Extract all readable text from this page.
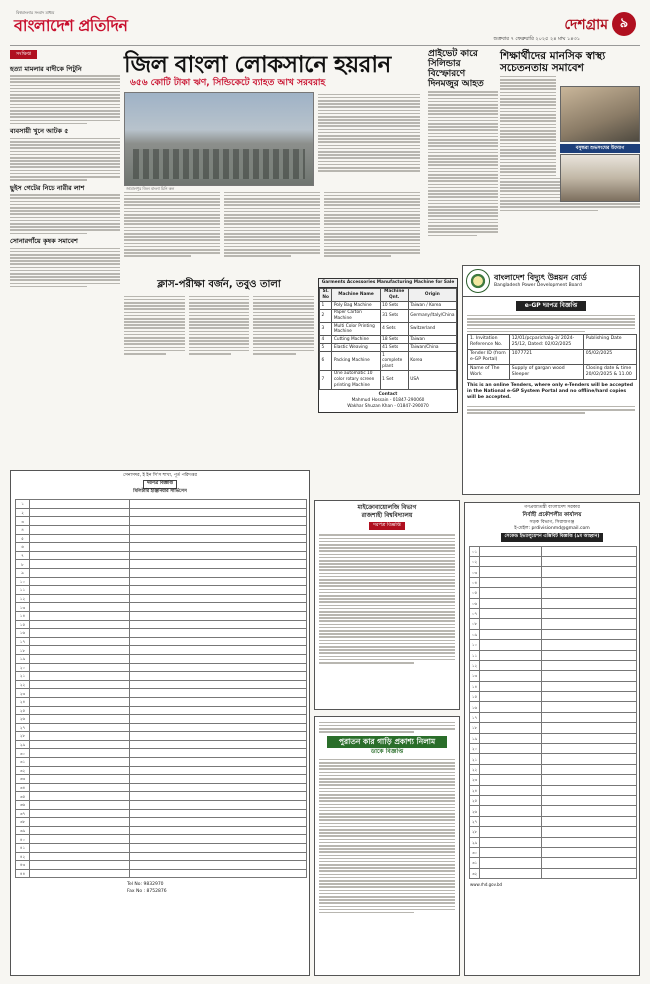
বিশ্ববাংলার সংবাদ মাধ্যম
বাংলাদেশ প্রতিদিন
শুক্রবার ৭ ফেব্রুয়ারি ২০২৫ ২৪ মাঘ ১৪৩১
দেশগ্রাম ৯
সংক্ষিপ্ত
হত্যা মামলার বাদীকে পিটুনি
ব্যবসায়ী খুনে আটক ৫
ছুইস গেটের নিচে নারীর লাশ
সোনারগাঁয়ে কৃষক সমাবেশ
জিল বাংলা লোকসানে হয়রান
৬৫৬ কোটি টাকা ঋণ, সিন্ডিকেটে ব্যাহত আখ সরবরাহ
জামালপুর জিল বাংলা চিনি কল
প্রাইভেট কারে সিলিন্ডার বিস্ফোরণে দিনমজুর আহত
শিক্ষার্থীদের মানসিক স্বাস্থ্য সচেতনতায় সমাবেশ
বসুন্ধরা শুভসংঘের উদ্যোগ
ক্লাস-পরীক্ষা বর্জন, তবুও তালা	Garments Accessories Manufacturing Machine for Sale
Sl. No	Machine Name	Machine Qnt.	Origin
1	Poly Bag Machine	10 Sets	Taiwan / Korea
2	Paper Carton Machine	31 Sets	Germany/Italy/China
3	Multi Color Printing Machine	4 Sets	Switzerland
4	Cutting Machine	18 Sets	Taiwan
5	Elastic Weaving	41 Sets	Taiwan/China
6	Packing Machine	1 complete plant	Korea
7	One automatic 10 color rotary screen printing Machine	1 Set	USA
Contact
Mahmud Hossain - 01847-290060
Wakhar Shuzan Khan - 01847-290070
বাংলাদেশ বিদ্যুৎ উন্নয়ন বোর্ড
Bangladesh Power Development Board
e-GP দরপত্র বিজ্ঞপ্তি
1. Invitation Reference No.	12/01/pcparichalg-3/ 2024-25/12, Dated: 02/02/2025	Publishing Date
Tender ID (from e-GP Portal)	1077721	05/02/2025
Name of The Work	Supply of gargan wood Sleeper	Closing date & time 20/02/2025 & 11.00
This is an online Tenders, where only e-Tenders will be accepted in the National e-GP System Portal and no offline/hard copies will be accepted.
সেনাসদর, ই ইন সি'স শাখা, পূর্ত পরিদপ্তর
দরপত্র বিজ্ঞপ্তি
মিলিটারি ইঞ্জিনিয়ার সার্ভিসেস
১		
২		
৩		
৪		
৫		
৬		
৭		
৮		
৯		
১০		
১১		
১২		
১৩		
১৪		
১৫		
১৬		
১৭		
১৮		
১৯		
২০		
২১		
২২		
২৩		
২৪		
২৫		
২৬		
২৭		
২৮		
২৯		
৩০		
৩১		
৩২		
৩৩		
৩৪		
৩৫		
৩৬		
৩৭		
৩৮		
৩৯		
৪০		
৪১		
৪২		
৪৩		
৪৪		
Tel No: 9832970
Fax No : 8752876
মাইক্রোবায়োলজি বিভাগ
রাজশাহী বিশ্ববিদ্যালয়
দরপত্র বিজ্ঞপ্তি
পুরাতন কার গাড়ি প্রকাশ্য নিলাম
ডাকে বিজ্ঞপ্তি
গণপ্রজাতন্ত্রী বাংলাদেশ সরকার
নির্বাহী প্রকৌশলীর কার্যালয়
সড়ক বিভাগ, সিরাজগঞ্জ
ই-মেইল: prdivisionmd@gmail.com
সেকেন্ড ইভ্যালুয়েশন এক্সিবিট বিজ্ঞপ্তি (৯ম আহ্বান)
০১		
০২		
০৩		
০৪		
০৫		
০৬		
০৭		
০৮		
০৯		
১০		
১১		
১২		
১৩		
১৪		
১৫		
১৬		
১৭		
১৮		
১৯		
২০		
২১		
২২		
২৩		
২৪		
২৫		
২৬		
২৭		
২৮		
২৯		
৩০		
৩১		
৩২		
www.rhd.gov.bd
